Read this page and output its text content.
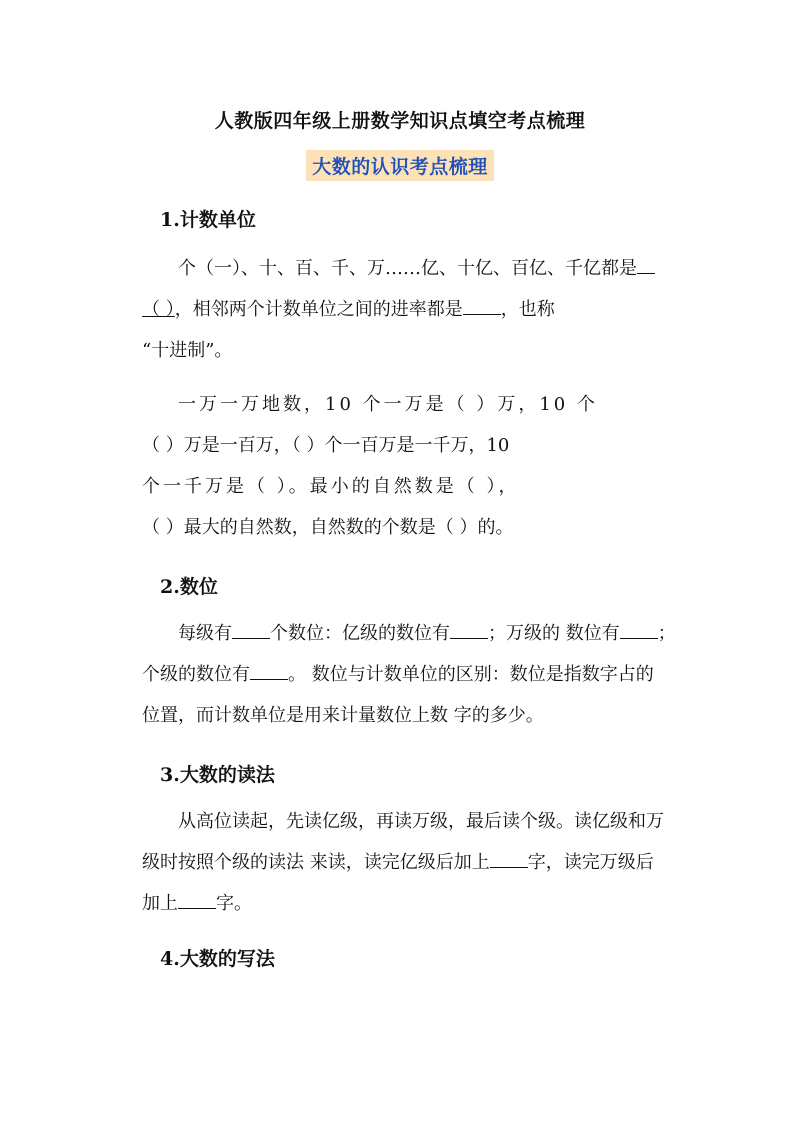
人教版四年级上册数学知识点填空考点梳理
大数的认识考点梳理
1.计数单位
个（一）、十、百、千、万……亿、十亿、百亿、千亿都是
（ ），相邻两个计数单位之间的进率都是 ，也称
“十进制”。
一万一万地数，10 个一万是（ ）万，10 个
（ ）万是一百万，（ ）个一百万是一千万，10
个一千万是（ ）。最小的自然数是（ ），
（ ）最大的自然数，自然数的个数是（ ）的。
2.数位
每级有 个数位：亿级的数位有 ；万级的 数位有 ；
个级的数位有 。 数位与计数单位的区别：数位是指数字占的
位置，而计数单位是用来计量数位上数 字的多少。
3.大数的读法
从高位读起，先读亿级，再读万级，最后读个级。读亿级和万
级时按照个级的读法 来读，读完亿级后加上 字，读完万级后
加上 字。
4.大数的写法
